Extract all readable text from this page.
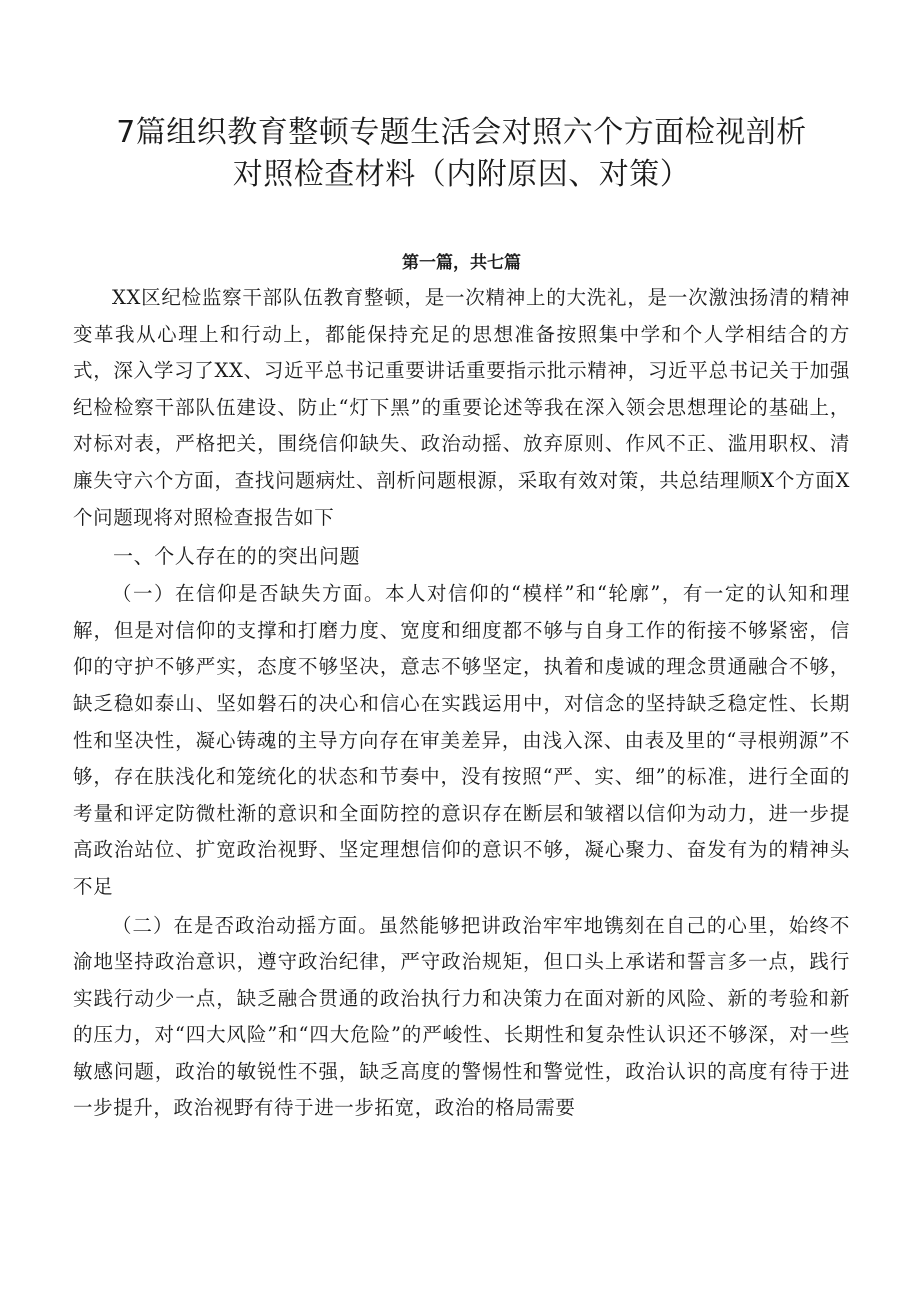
7篇组织教育整顿专题生活会对照六个方面检视剖析
对照检查材料（内附原因、对策）

第一篇，共七篇

XX区纪检监察干部队伍教育整顿，是一次精神上的大洗礼，是一次激浊扬清的精神变革我从心理上和行动上，都能保持充足的思想准备按照集中学和个人学相结合的方式，深入学习了XX、习近平总书记重要讲话重要指示批示精神，习近平总书记关于加强纪检检察干部队伍建设、防止“灯下黑”的重要论述等我在深入领会思想理论的基础上，对标对表，严格把关，围绕信仰缺失、政治动摇、放弃原则、作风不正、滥用职权、清廉失守六个方面，查找问题病灶、剖析问题根源，采取有效对策，共总结理顺X个方面X个问题现将对照检查报告如下

一、个人存在的的突出问题

（一）在信仰是否缺失方面。本人对信仰的“模样”和“轮廓”，有一定的认知和理解，但是对信仰的支撑和打磨力度、宽度和细度都不够与自身工作的衔接不够紧密，信仰的守护不够严实，态度不够坚决，意志不够坚定，执着和虔诚的理念贯通融合不够，缺乏稳如泰山、坚如磐石的决心和信心在实践运用中，对信念的坚持缺乏稳定性、长期性和坚决性，凝心铸魂的主导方向存在审美差异，由浅入深、由表及里的“寻根朔源”不够，存在肤浅化和笼统化的状态和节奏中，没有按照“严、实、细”的标准，进行全面的考量和评定防微杜渐的意识和全面防控的意识存在断层和皱褶以信仰为动力，进一步提高政治站位、扩宽政治视野、坚定理想信仰的意识不够，凝心聚力、奋发有为的精神头不足

（二）在是否政治动摇方面。虽然能够把讲政治牢牢地镌刻在自己的心里，始终不渝地坚持政治意识，遵守政治纪律，严守政治规矩，但口头上承诺和誓言多一点，践行实践行动少一点，缺乏融合贯通的政治执行力和决策力在面对新的风险、新的考验和新的压力，对“四大风险”和“四大危险”的严峻性、长期性和复杂性认识还不够深，对一些敏感问题，政治的敏锐性不强，缺乏高度的警惕性和警觉性，政治认识的高度有待于进一步提升，政治视野有待于进一步拓宽，政治的格局需要
